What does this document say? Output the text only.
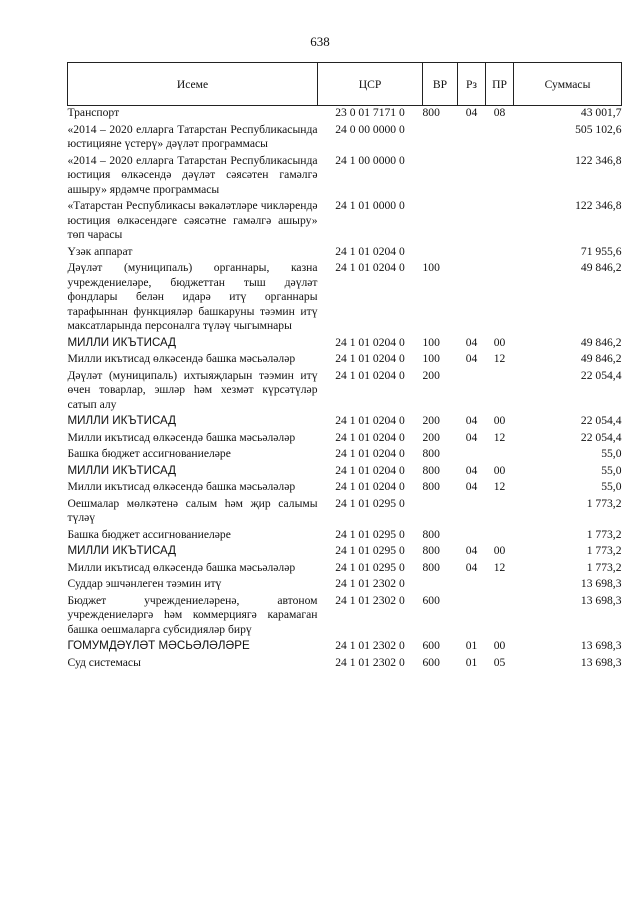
638
Исеме	ЦСР	ВР	Рз	ПР	Суммасы
Транспорт	23 0 01 7171 0	800	04	08	43 001,7
«2014 – 2020 елларга Татарстан Республикасында юстицияне үстерү» дәүләт программасы	24 0 00 0000 0				505 102,6
«2014 – 2020 елларга Татарстан Республикасында юстиция өлкәсендә дәүләт сәясәтен гамәлгә ашыру» ярдәмче программасы	24 1 00 0000 0				122 346,8
«Татарстан Республикасы вәкаләтләре чикләрендә юстиция өлкәсендәге сәясәтне гамәлгә ашыру» төп чарасы	24 1 01 0000 0				122 346,8
Үзәк аппарат	24 1 01 0204 0				71 955,6
Дәүләт (муниципаль) органнары, казна учреждениеләре, бюджеттан тыш дәүләт фондлары белән идарә итү органнары тарафыннан функцияләр башкаруны тәэмин итү максатларында персоналга түләү чыгымнары	24 1 01 0204 0	100			49 846,2
МИЛЛИ ИКЪТИСАД	24 1 01 0204 0	100	04	00	49 846,2
Милли икътисад өлкәсендә башка мәсьәләләр	24 1 01 0204 0	100	04	12	49 846,2
Дәүләт (муниципаль) ихтыяҗларын тәэмин итү өчен товарлар, эшләр һәм хезмәт күрсәтүләр сатып алу	24 1 01 0204 0	200			22 054,4
МИЛЛИ ИКЪТИСАД	24 1 01 0204 0	200	04	00	22 054,4
Милли икътисад өлкәсендә башка мәсьәләләр	24 1 01 0204 0	200	04	12	22 054,4
Башка бюджет ассигнованиеләре	24 1 01 0204 0	800			55,0
МИЛЛИ ИКЪТИСАД	24 1 01 0204 0	800	04	00	55,0
Милли икътисад өлкәсендә башка мәсьәләләр	24 1 01 0204 0	800	04	12	55,0
Оешмалар мөлкәтенә салым һәм җир салымы түләү	24 1 01 0295 0				1 773,2
Башка бюджет ассигнованиеләре	24 1 01 0295 0	800			1 773,2
МИЛЛИ ИКЪТИСАД	24 1 01 0295 0	800	04	00	1 773,2
Милли икътисад өлкәсендә башка мәсьәләләр	24 1 01 0295 0	800	04	12	1 773,2
Суддар эшчәнлеген тәэмин итү	24 1 01 2302 0				13 698,3
Бюджет учреждениеләренә, автоном учреждениеләргә һәм коммерциягә карамаган башка оешмаларга субсидияләр бирү	24 1 01 2302 0	600			13 698,3
ГОМУМДӘҮЛӘТ МӘСЬӘЛӘЛӘРЕ	24 1 01 2302 0	600	01	00	13 698,3
Суд системасы	24 1 01 2302 0	600	01	05	13 698,3
